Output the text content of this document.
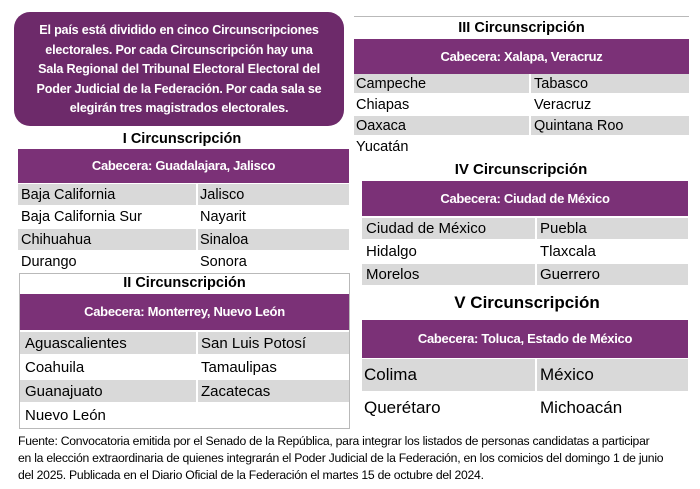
El país está dividido en cinco Circunscripciones
electorales. Por cada Circunscripción hay una
Sala Regional del Tribunal Electoral Electoral del
Poder Judicial de la Federación. Por cada sala se
elegirán tres magistrados electorales.
I Circunscripción
Cabecera: Guadalajara, Jalisco
Baja California	Jalisco
Baja California Sur	Nayarit
Chihuahua	Sinaloa
Durango	Sonora
II Circunscripción
Cabecera: Monterrey, Nuevo León
Aguascalientes	San Luis Potosí
Coahuila	Tamaulipas
Guanajuato	Zacatecas
Nuevo León
III Circunscripción
Cabecera: Xalapa, Veracruz
Campeche	Tabasco
Chiapas	Veracruz
Oaxaca	Quintana Roo
Yucatán
IV Circunscripción
Cabecera: Ciudad de México
Ciudad de México	Puebla
Hidalgo	Tlaxcala
Morelos	Guerrero
V Circunscripción
Cabecera: Toluca, Estado de México
Colima	México
Querétaro	Michoacán
Fuente: Convocatoria emitida por el Senado de la República, para integrar los listados de personas candidatas a participar
en la elección extraordinaria de quienes integrarán el Poder Judicial de la Federación, en los comicios del domingo 1 de junio
del 2025. Publicada en el Diario Oficial de la Federación el martes 15 de octubre del 2024.
